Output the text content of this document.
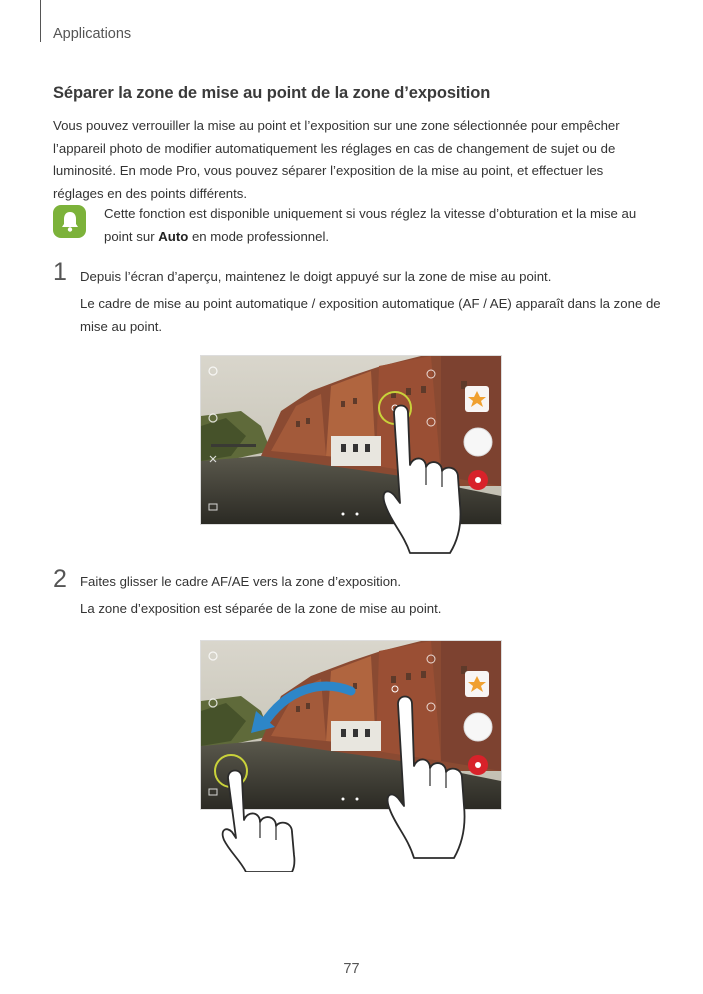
Applications
Séparer la zone de mise au point de la zone d’exposition
Vous pouvez verrouiller la mise au point et l’exposition sur une zone sélectionnée pour empêcher l’appareil photo de modifier automatiquement les réglages en cas de changement de sujet ou de luminosité. En mode Pro, vous pouvez séparer l’exposition de la mise au point, et effectuer les réglages en des points différents.
Cette fonction est disponible uniquement si vous réglez la vitesse d’obturation et la mise au point sur Auto en mode professionnel.
1 Depuis l’écran d’aperçu, maintenez le doigt appuyé sur la zone de mise au point.
Le cadre de mise au point automatique / exposition automatique (AF / AE) apparaît dans la zone de mise au point.
2 Faites glisser le cadre AF/AE vers la zone d’exposition.
La zone d’exposition est séparée de la zone de mise au point.
77
